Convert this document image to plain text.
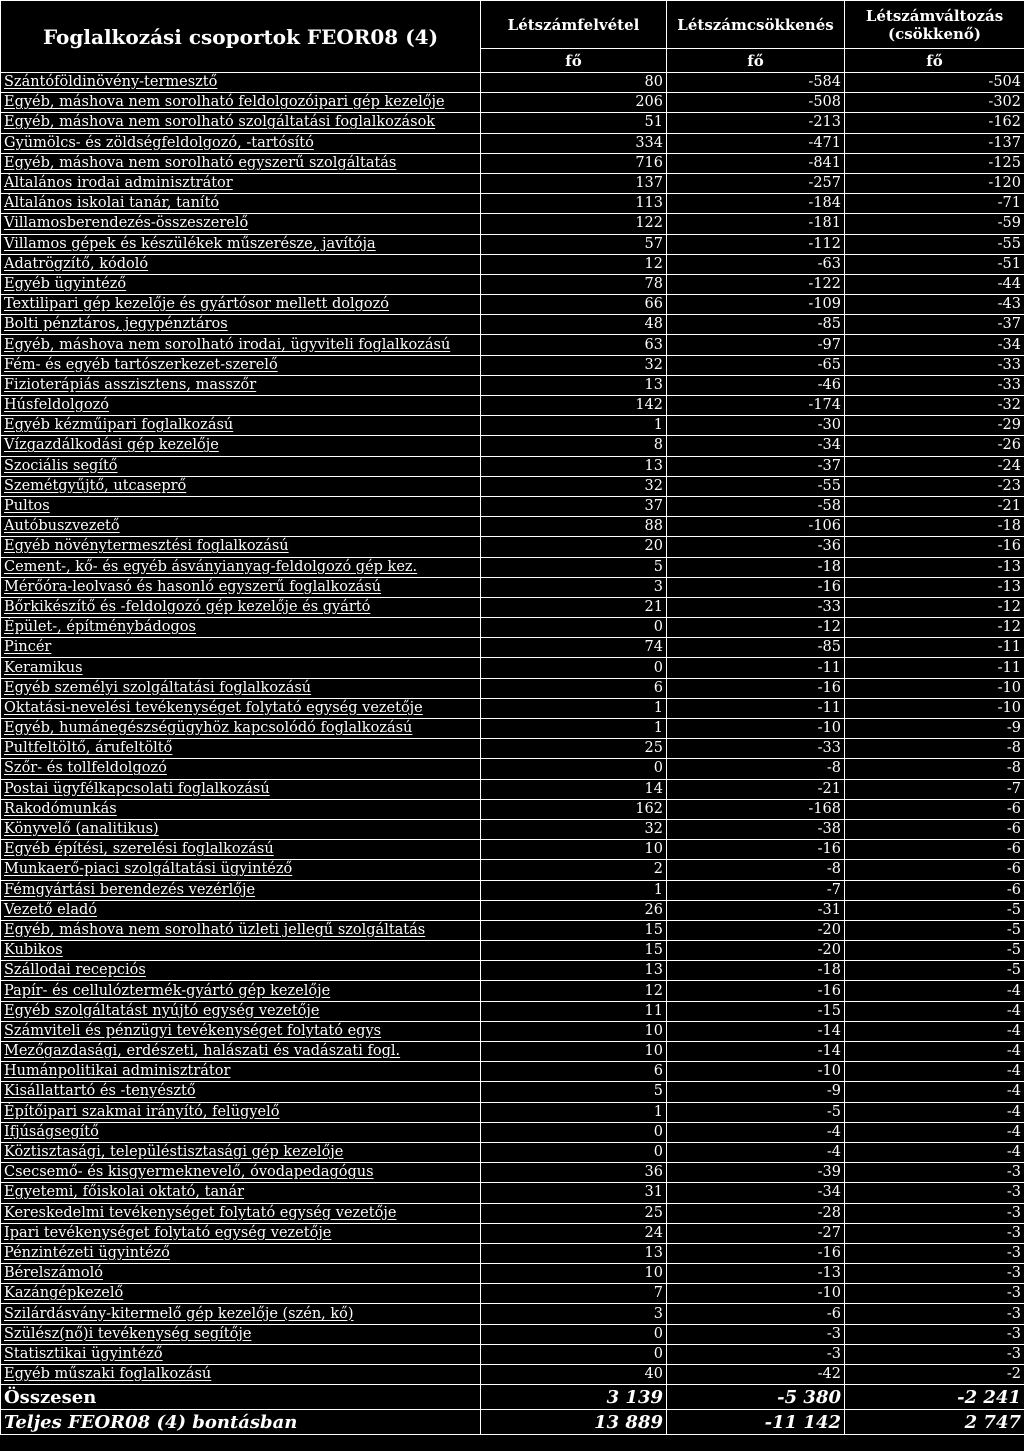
Foglalkozási csoportok FEOR08 (4)	Létszámfelvétel	Létszámcsökkenés	Létszámváltozás
(csökkenő)
	fő	fő	fő
Szántóföldinövény-termesztő	80	-584	-504
Egyéb, máshova nem sorolható feldolgozóipari gép kezelője	206	-508	-302
Egyéb, máshova nem sorolható szolgáltatási foglalkozások	51	-213	-162
Gyümölcs- és zöldségfeldolgozó, -tartósító	334	-471	-137
Egyéb, máshova nem sorolható egyszerű szolgáltatás	716	-841	-125
Általános irodai adminisztrátor	137	-257	-120
Általános iskolai tanár, tanító	113	-184	-71
Villamosberendezés-összeszerelő	122	-181	-59
Villamos gépek és készülékek műszerésze, javítója	57	-112	-55
Adatrögzítő, kódoló	12	-63	-51
Egyéb ügyintéző	78	-122	-44
Textilipari gép kezelője és gyártósor mellett dolgozó	66	-109	-43
Bolti pénztáros, jegypénztáros	48	-85	-37
Egyéb, máshova nem sorolható irodai, ügyviteli foglalkozású	63	-97	-34
Fém- és egyéb tartószerkezet-szerelő	32	-65	-33
Fizioterápiás asszisztens, masszőr	13	-46	-33
Húsfeldolgozó	142	-174	-32
Egyéb kézműipari foglalkozású	1	-30	-29
Vízgazdálkodási gép kezelője	8	-34	-26
Szociális segítő	13	-37	-24
Szemétgyűjtő, utcaseprő	32	-55	-23
Pultos	37	-58	-21
Autóbuszvezető	88	-106	-18
Egyéb növénytermesztési foglalkozású	20	-36	-16
Cement-, kő- és egyéb ásványianyag-feldolgozó gép kez.	5	-18	-13
Mérőóra-leolvasó és hasonló egyszerű foglalkozású	3	-16	-13
Bőrkikészítő és -feldolgozó gép kezelője és gyártó	21	-33	-12
Épület-, építménybádogos	0	-12	-12
Pincér	74	-85	-11
Keramikus	0	-11	-11
Egyéb személyi szolgáltatási foglalkozású	6	-16	-10
Oktatási-nevelési tevékenységet folytató egység vezetője	1	-11	-10
Egyéb, humánegészségügyhöz kapcsolódó foglalkozású	1	-10	-9
Pultfeltöltő, árufeltöltő	25	-33	-8
Szőr- és tollfeldolgozó	0	-8	-8
Postai ügyfélkapcsolati foglalkozású	14	-21	-7
Rakodómunkás	162	-168	-6
Könyvelő (analitikus)	32	-38	-6
Egyéb építési, szerelési foglalkozású	10	-16	-6
Munkaerő-piaci szolgáltatási ügyintéző	2	-8	-6
Fémgyártási berendezés vezérlője	1	-7	-6
Vezető eladó	26	-31	-5
Egyéb, máshova nem sorolható üzleti jellegű szolgáltatás	15	-20	-5
Kubikos	15	-20	-5
Szállodai recepciós	13	-18	-5
Papír- és cellulóztermék-gyártó gép kezelője	12	-16	-4
Egyéb szolgáltatást nyújtó egység vezetője	11	-15	-4
Számviteli és pénzügyi tevékenységet folytató egys	10	-14	-4
Mezőgazdasági, erdészeti, halászati és vadászati fogl.	10	-14	-4
Humánpolitikai adminisztrátor	6	-10	-4
Kisállattartó és -tenyésztő	5	-9	-4
Építőipari szakmai irányító, felügyelő	1	-5	-4
Ifjúságsegítő	0	-4	-4
Köztisztasági, településtisztasági gép kezelője	0	-4	-4
Csecsemő- és kisgyermeknevelő, óvodapedagógus	36	-39	-3
Egyetemi, főiskolai oktató, tanár	31	-34	-3
Kereskedelmi tevékenységet folytató egység vezetője	25	-28	-3
Ipari tevékenységet folytató egység vezetője	24	-27	-3
Pénzintézeti ügyintéző	13	-16	-3
Bérelszámoló	10	-13	-3
Kazángépkezelő	7	-10	-3
Szilárdásvány-kitermelő gép kezelője (szén, kő)	3	-6	-3
Szülész(nő)i tevékenység segítője	0	-3	-3
Statisztikai ügyintéző	0	-3	-3
Egyéb műszaki foglalkozású	40	-42	-2
Összesen	3 139	-5 380	-2 241
Teljes FEOR08 (4) bontásban	13 889	-11 142	2 747
